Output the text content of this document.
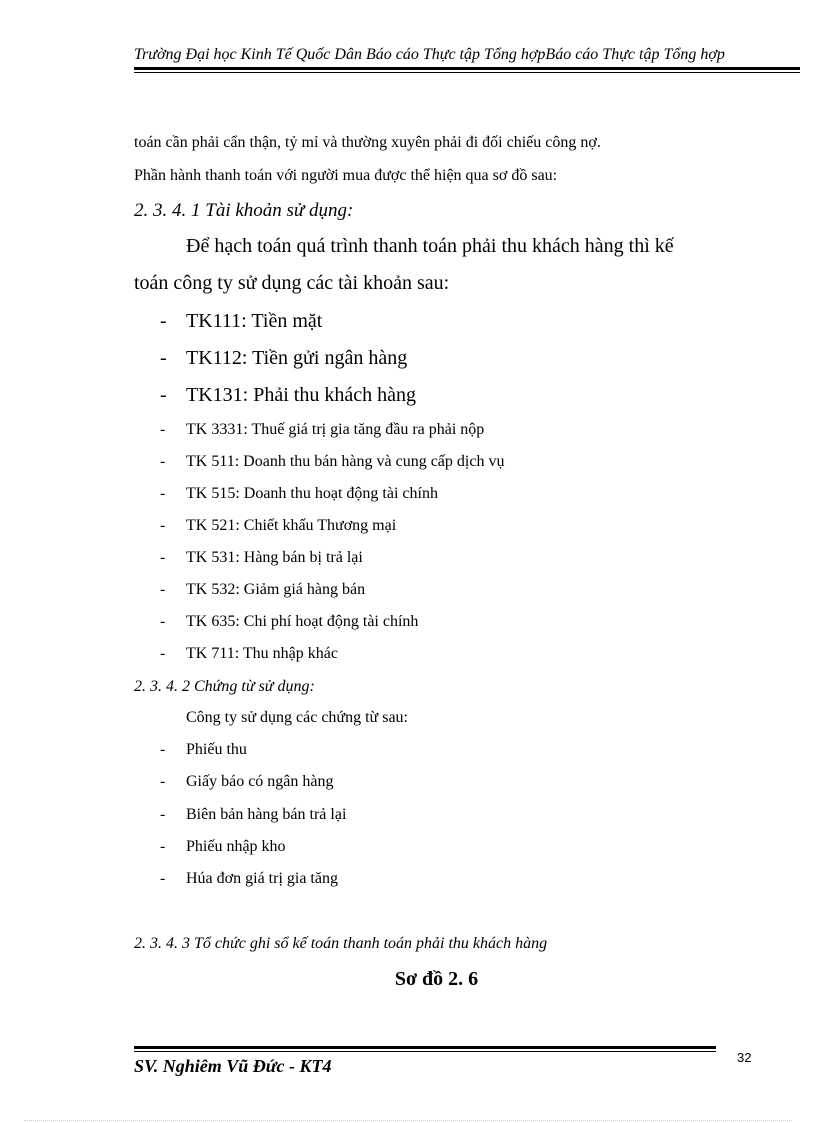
Trường Đại học Kinh Tế Quốc Dân Báo cáo Thực tập Tổng hợpBáo cáo Thực tập Tổng hợp
toán cần phải cẩn thận, tỷ mỉ và thường xuyên phải đi đối chiếu công nợ.
Phần hành thanh toán với người mua được thể hiện qua sơ đồ sau:
2. 3. 4. 1 Tài khoản sử dụng:
Để hạch toán quá trình thanh toán phải thu khách hàng thì kế
toán công ty sử dụng các tài khoản sau:
- TK111: Tiền mặt
- TK112: Tiền gửi ngân hàng
- TK131: Phải thu khách hàng
- TK 3331: Thuế giá trị gia tăng đầu ra phải nộp
- TK 511: Doanh thu bán hàng và cung cấp dịch vụ
- TK 515: Doanh thu hoạt động tài chính
- TK 521: Chiết khấu Thương mại
- TK 531: Hàng bán bị trả lại
- TK 532: Giảm giá hàng bán
- TK 635: Chi phí hoạt động tài chính
- TK 711: Thu nhập khác
2. 3. 4. 2 Chứng từ sử dụng:
Công ty sử dụng các chứng từ sau:
- Phiếu thu
- Giấy báo có ngân hàng
- Biên bản hàng bán trả lại
- Phiếu nhập kho
- Húa đơn giá trị gia tăng
2. 3. 4. 3 Tổ chức ghi sổ kế toán thanh toán phải thu khách hàng
Sơ đồ 2. 6
SV. Nghiêm Vũ Đức - KT4	32
